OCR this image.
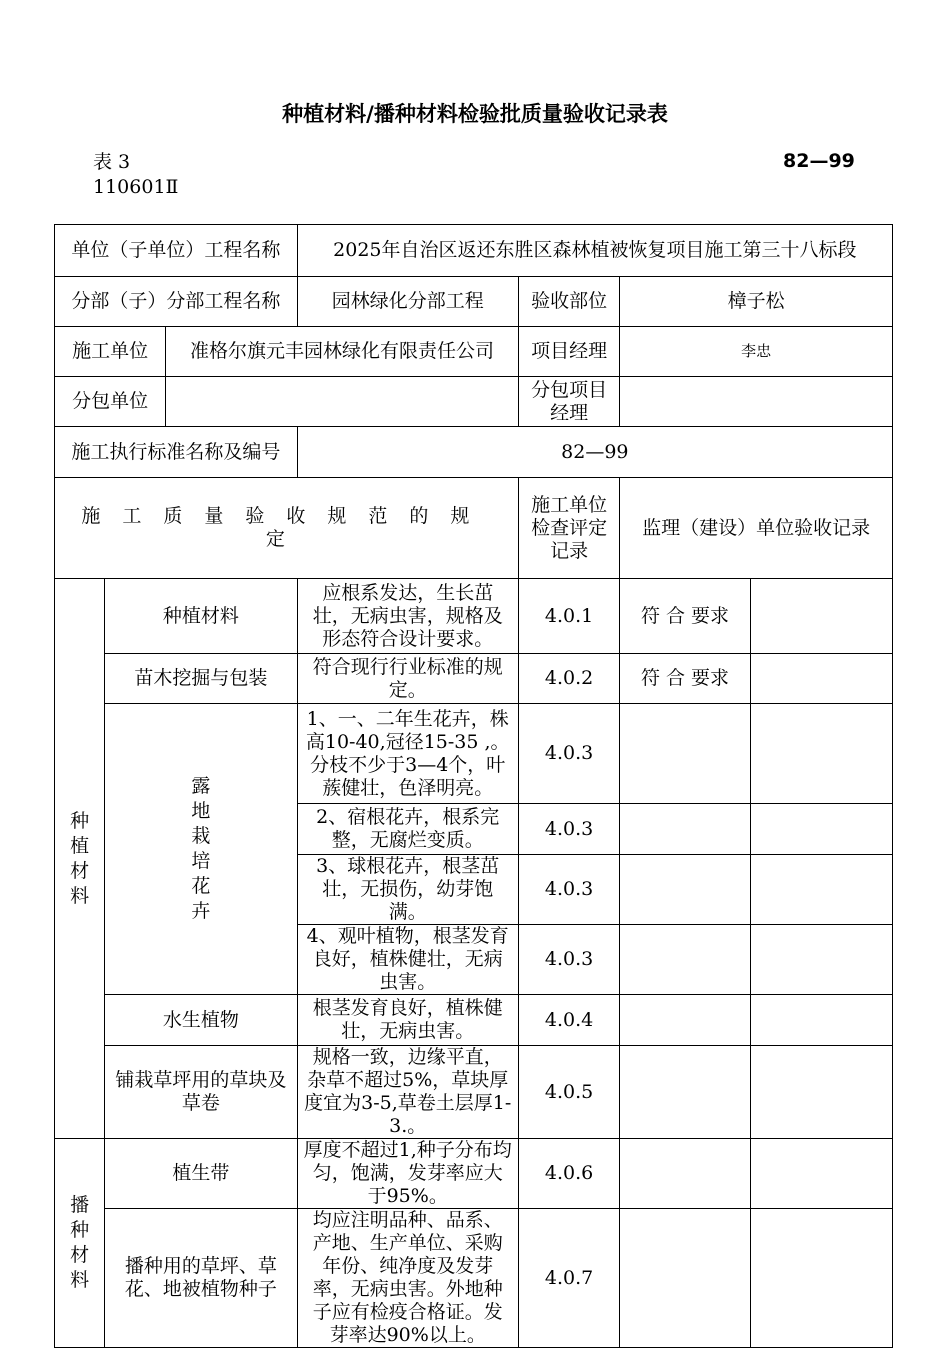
种植材料/播种材料检验批质量验收记录表
表 3
110601Ⅱ
82—99
单位（子单位）工程名称			2025年自治区返还东胜区森林植被恢复项目施工第三十八标段			
分部（子）分部工程名称			园林绿化分部工程	验收部位	樟子松	
施工单位		准格尔旗元丰园林绿化有限责任公司		项目经理	李忠	
分包单位				分包项目经理		
施工执行标准名称及编号			82—99			
施工质量验收规范的规定				施工单位检查评定记录	监理（建设）单位验收记录	
种植材料	种植材料		应根系发达，生长茁壮，无病虫害，规格及形态符合设计要求。	4.0.1	符 合 要求	
	苗木挖掘与包装		符合现行行业标准的规定。	4.0.2	符 合 要求	

	露地栽培花卉		1、一、二年生花卉，株高10-40,冠径15-35 ,。分枝不少于3—4个，叶蔟健壮，色泽明亮。	4.0.3		
			2、宿根花卉，根系完整，无腐烂变质。	4.0.3		
			3、球根花卉，根茎茁壮，无损伤，幼芽饱满。	4.0.3		
			4、观叶植物，根茎发育良好，植株健壮，无病虫害。	4.0.3		
	水生植物		根茎发育良好，植株健壮，无病虫害。	4.0.4		
	铺栽草坪用的草块及草卷		规格一致，边缘平直，杂草不超过5%，草块厚度宜为3-5,草卷土层厚1-3.。	4.0.5		
播种材料	植生带		厚度不超过1,种子分布均匀，饱满，发芽率应大于95%。	4.0.6		
	播种用的草坪、草花、地被植物种子		均应注明品种、品系、产地、生产单位、采购年份、纯净度及发芽率，无病虫害。外地种子应有检疫合格证。发芽率达90%以上。	4.0.7		
